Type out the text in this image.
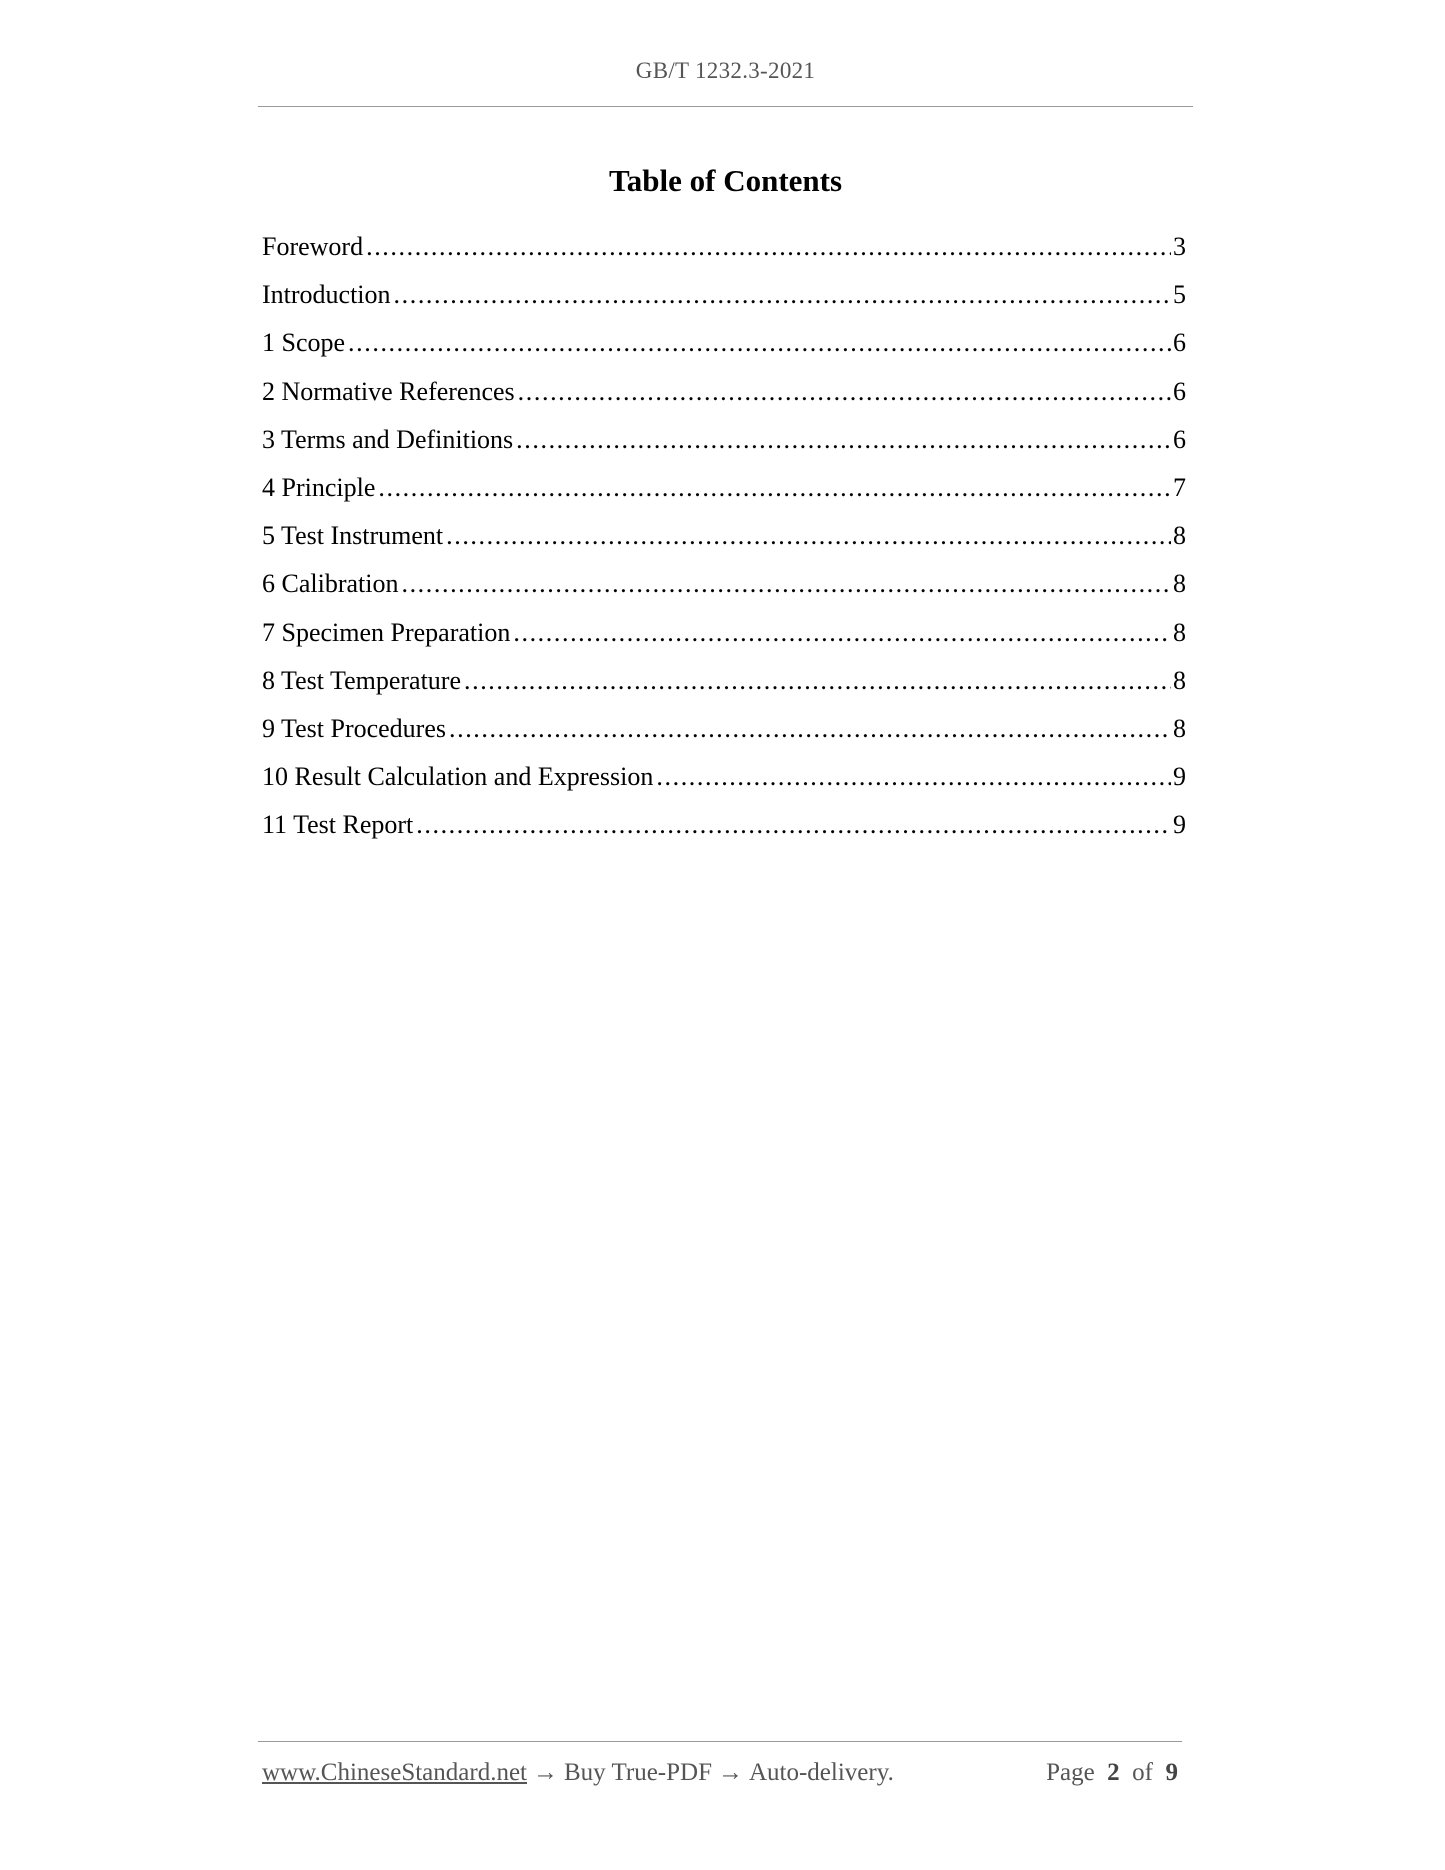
GB/T 1232.3-2021
Table of Contents
Foreword .....	3
Introduction .....	5
1 Scope .....	6
2 Normative References .....	6
3 Terms and Definitions .....	6
4 Principle .....	7
5 Test Instrument .....	8
6 Calibration .....	8
7 Specimen Preparation .....	8
8 Test Temperature .....	8
9 Test Procedures .....	8
10 Result Calculation and Expression .....	9
11 Test Report .....	9
www.ChineseStandard.net → Buy True-PDF → Auto-delivery.	Page 2 of 9
